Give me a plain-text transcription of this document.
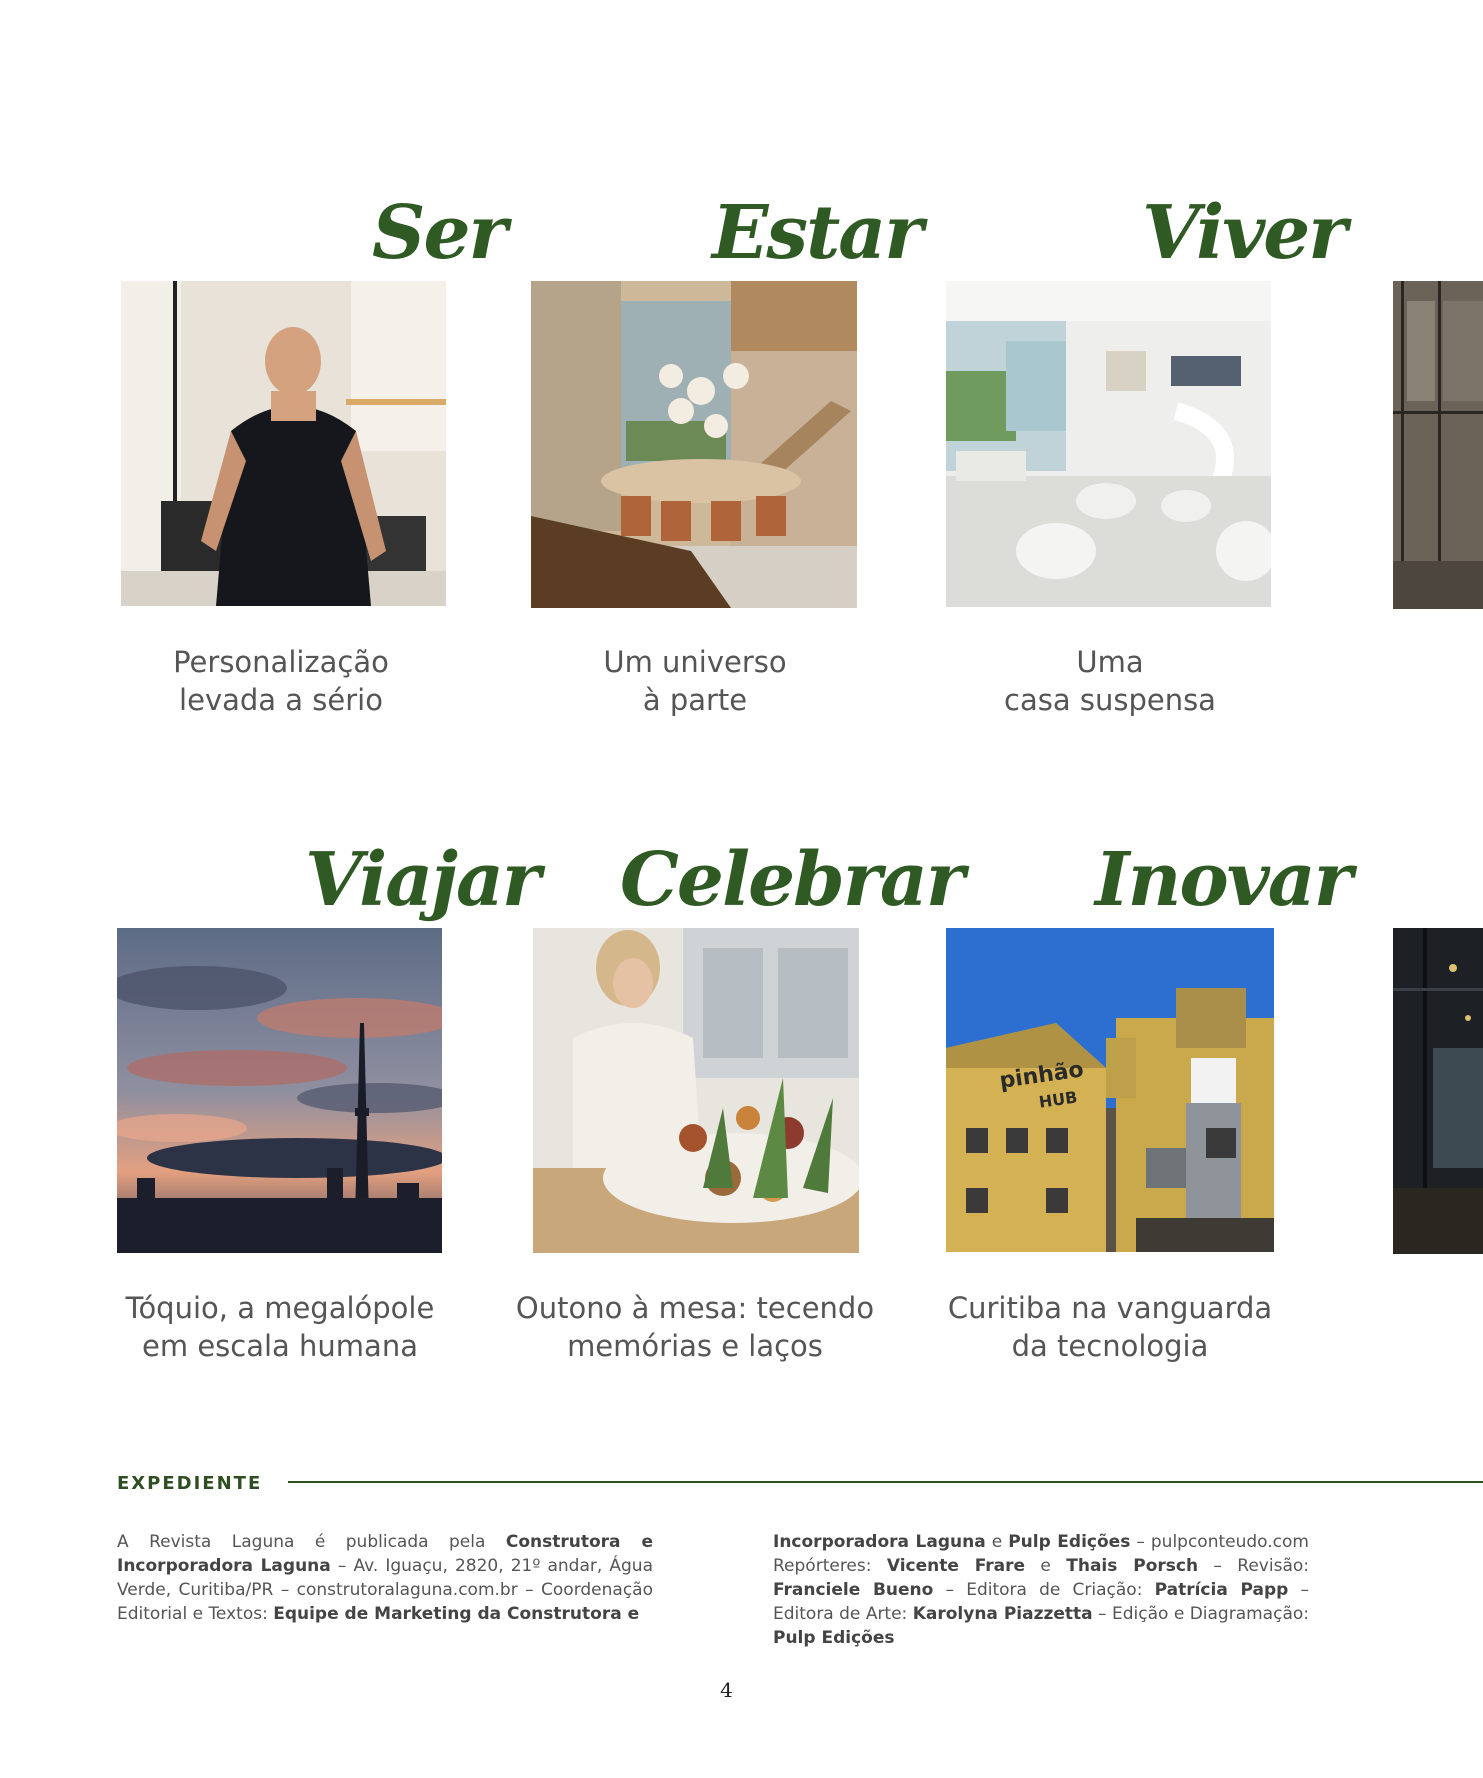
Ser
Personalização
levada a sério
Estar
Um universo
à parte
Viver
Uma
casa suspensa
Viajar
Tóquio, a megalópole
em escala humana
Celebrar
Outono à mesa: tecendo
memórias e laços
Inovar
pinhão
HUB
Curitiba na vanguarda
da tecnologia
EXPEDIENTE
A Revista Laguna é publicada pela Construtora e Incorporadora Laguna – Av. Iguaçu, 2820, 21º andar, Água Verde, Curitiba/PR – construtoralaguna.com.br – Coordenação Editorial e Textos: Equipe de Marketing da Construtora e
Incorporadora Laguna e Pulp Edições – pulpconteudo.com Repórteres: Vicente Frare e Thais Porsch – Revisão: Franciele Bueno – Editora de Criação: Patrícia Papp – Editora de Arte: Karolyna Piazzetta – Edição e Diagramação: Pulp Edições
4
